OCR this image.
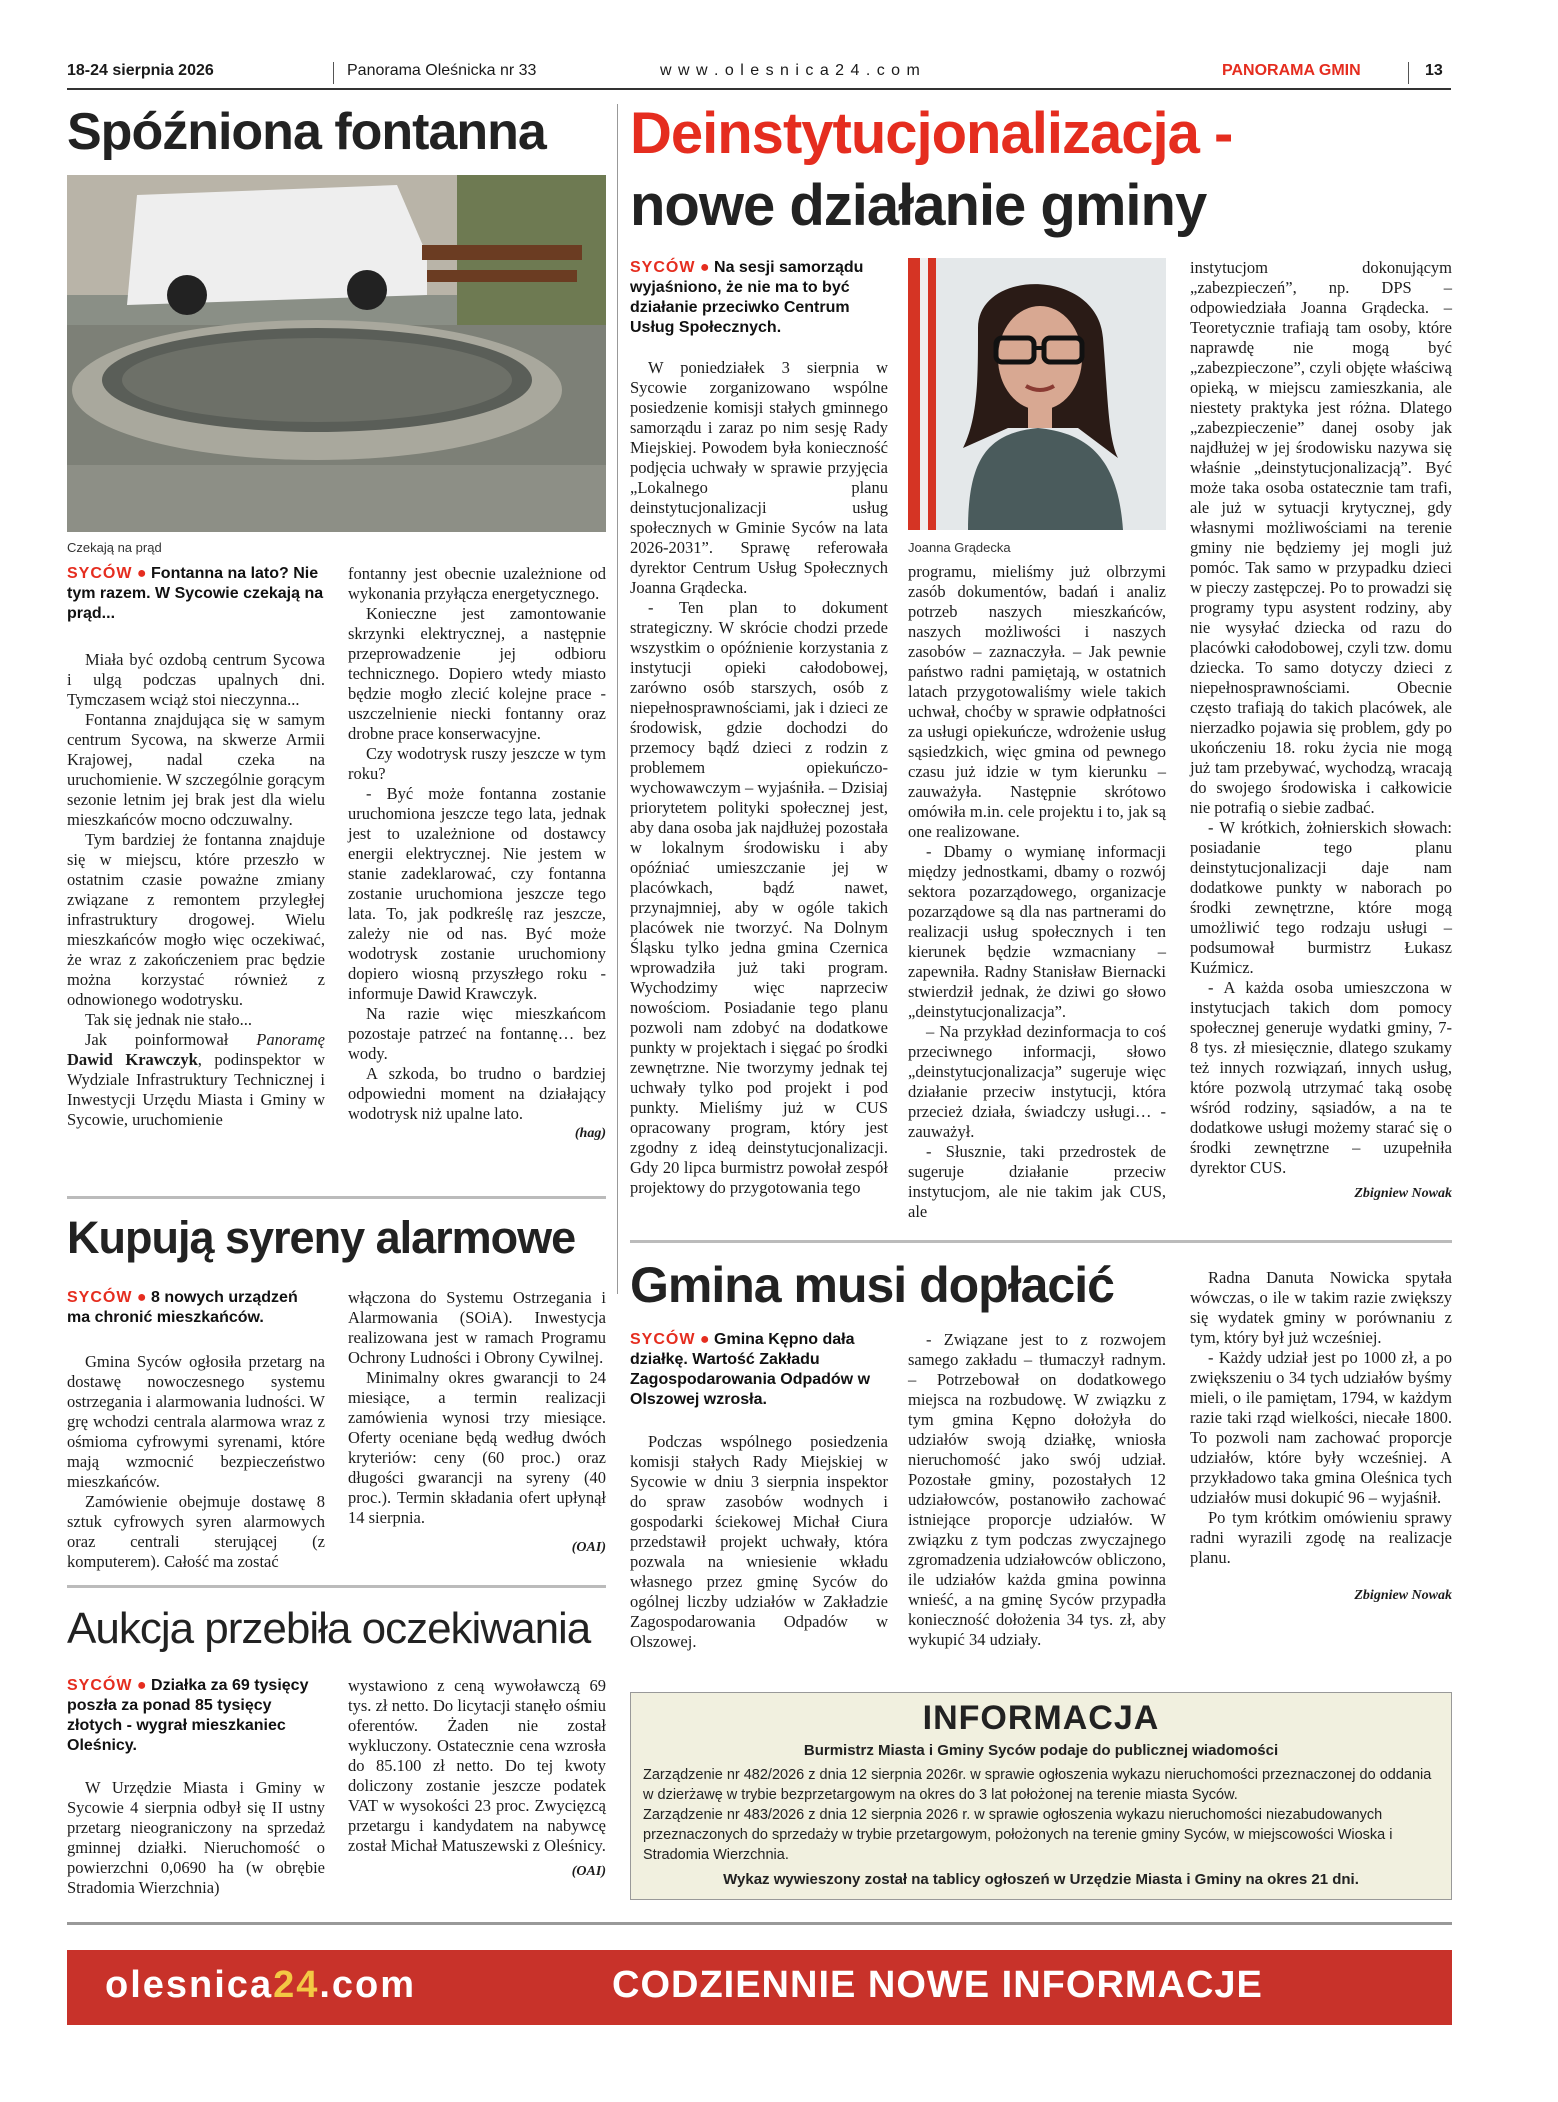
18-24 sierpnia 2026	Panorama Oleśnicka nr 33	w w w . o l e s n i c a 2 4 . c o m	PANORAMA GMIN	13
Spóźniona fontanna
Czekają na prąd
SYCÓW ● Fontanna na lato? Nie tym razem. W Sycowie czekają na prąd...

Miała być ozdobą centrum Sycowa i ulgą podczas upalnych dni. Tymczasem wciąż stoi nieczynna...

Fontanna znajdująca się w samym centrum Sycowa, na skwerze Armii Krajowej, nadal czeka na uruchomienie. W szczególnie gorącym sezonie letnim jej brak jest dla wielu mieszkańców mocno odczuwalny.

Tym bardziej że fontanna znajduje się w miejscu, które przeszło w ostatnim czasie poważne zmiany związane z remontem przyległej infrastruktury drogowej. Wielu mieszkańców mogło więc oczekiwać, że wraz z zakończeniem prac będzie można korzystać również z odnowionego wodotrysku.

Tak się jednak nie stało...

Jak poinformował Panoramę Dawid Krawczyk, podinspektor w Wydziale Infrastruktury Technicznej i Inwestycji Urzędu Miasta i Gminy w Sycowie, uruchomienie

fontanny jest obecnie uzależnione od wykonania przyłącza energetycznego.

Konieczne jest zamontowanie skrzynki elektrycznej, a następnie przeprowadzenie jej odbioru technicznego. Dopiero wtedy miasto będzie mogło zlecić kolejne prace - uszczelnienie niecki fontanny oraz drobne prace konserwacyjne.

Czy wodotrysk ruszy jeszcze w tym roku?

- Być może fontanna zostanie uruchomiona jeszcze tego lata, jednak jest to uzależnione od dostawcy energii elektrycznej. Nie jestem w stanie zadeklarować, czy fontanna zostanie uruchomiona jeszcze tego lata. To, jak podkreślę raz jeszcze, zależy nie od nas. Być może wodotrysk zostanie uruchomiony dopiero wiosną przyszłego roku - informuje Dawid Krawczyk.

Na razie więc mieszkańcom pozostaje patrzeć na fontannę… bez wody.

A szkoda, bo trudno o bardziej odpowiedni moment na działający wodotrysk niż upalne lato.

(hag)
Kupują syreny alarmowe
SYCÓW ● 8 nowych urządzeń ma chronić mieszkańców.

Gmina Syców ogłosiła przetarg na dostawę nowoczesnego systemu ostrzegania i alarmowania ludności. W grę wchodzi centrala alarmowa wraz z ośmioma cyfrowymi syrenami, które mają wzmocnić bezpieczeństwo mieszkańców.

Zamówienie obejmuje dostawę 8 sztuk cyfrowych syren alarmowych oraz centrali sterującej (z komputerem). Całość ma zostać

włączona do Systemu Ostrzegania i Alarmowania (SOiA). Inwestycja realizowana jest w ramach Programu Ochrony Ludności i Obrony Cywilnej.

Minimalny okres gwarancji to 24 miesiące, a termin realizacji zamówienia wynosi trzy miesiące. Oferty oceniane będą według dwóch kryteriów: ceny (60 proc.) oraz długości gwarancji na syreny (40 proc.). Termin składania ofert upłynął 14 sierpnia.

(OAI)
Aukcja przebiła oczekiwania
SYCÓW ● Działka za 69 tysięcy poszła za ponad 85 tysięcy złotych - wygrał mieszkaniec Oleśnicy.

W Urzędzie Miasta i Gminy w Sycowie 4 sierpnia odbył się II ustny przetarg nieograniczony na sprzedaż gminnej działki. Nieruchomość o powierzchni 0,0690 ha (w obrębie Stradomia Wierzchnia)

wystawiono z ceną wywoławczą 69 tys. zł netto. Do licytacji stanęło ośmiu oferentów. Żaden nie został wykluczony. Ostatecznie cena wzrosła do 85.100 zł netto. Do tej kwoty doliczony zostanie jeszcze podatek VAT w wysokości 23 proc. Zwycięzcą przetargu i kandydatem na nabywcę został Michał Matuszewski z Oleśnicy.

(OAI)
Deinstytucjonalizacja -
nowe działanie gminy
SYCÓW ● Na sesji samorządu wyjaśniono, że nie ma to być działanie przeciwko Centrum Usług Społecznych.
Joanna Grądecka

W poniedziałek 3 sierpnia w Sycowie zorganizowano wspólne posiedzenie komisji stałych gminnego samorządu i zaraz po nim sesję Rady Miejskiej. Powodem była konieczność podjęcia uchwały w sprawie przyjęcia „Lokalnego planu deinstytucjonalizacji usług społecznych w Gminie Syców na lata 2026-2031”. Sprawę referowała dyrektor Centrum Usług Społecznych Joanna Grądecka.

- Ten plan to dokument strategiczny. W skrócie chodzi przede wszystkim o opóźnienie korzystania z instytucji opieki całodobowej, zarówno osób starszych, osób z niepełnosprawnościami, jak i dzieci ze środowisk, gdzie dochodzi do przemocy bądź dzieci z rodzin z problemem opiekuńczo-wychowawczym – wyjaśniła. – Dzisiaj priorytetem polityki społecznej jest, aby dana osoba jak najdłużej pozostała w lokalnym środowisku i aby opóźniać umieszczanie jej w placówkach, bądź nawet, przynajmniej, aby w ogóle takich placówek nie tworzyć. Na Dolnym Śląsku tylko jedna gmina Czernica wprowadziła już taki program. Wychodzimy więc naprzeciw nowościom. Posiadanie tego planu pozwoli nam zdobyć na dodatkowe punkty w projektach i sięgać po środki zewnętrzne. Nie tworzymy jednak tej uchwały tylko pod projekt i pod punkty. Mieliśmy już w CUS opracowany program, który jest zgodny z ideą deinstytucjonalizacji. Gdy 20 lipca burmistrz powołał zespół projektowy do przygotowania tego

programu, mieliśmy już olbrzymi zasób dokumentów, badań i analiz potrzeb naszych mieszkańców, naszych możliwości i naszych zasobów – zaznaczyła. – Jak pewnie państwo radni pamiętają, w ostatnich latach przygotowaliśmy wiele takich uchwał, choćby w sprawie odpłatności za usługi opiekuńcze, wdrożenie usług sąsiedzkich, więc gmina od pewnego czasu już idzie w tym kierunku – zauważyła. Następnie skrótowo omówiła m.in. cele projektu i to, jak są one realizowane.

- Dbamy o wymianę informacji między jednostkami, dbamy o rozwój sektora pozarządowego, organizacje pozarządowe są dla nas partnerami do realizacji usług społecznych i ten kierunek będzie wzmacniany – zapewniła. Radny Stanisław Biernacki stwierdził jednak, że dziwi go słowo „deinstytucjonalizacja”.

– Na przykład dezinformacja to coś przeciwnego informacji, słowo „deinstytucjonalizacja” sugeruje więc działanie przeciw instytucji, która przecież działa, świadczy usługi… - zauważył.

- Słusznie, taki przedrostek de sugeruje działanie przeciw instytucjom, ale nie takim jak CUS, ale

instytucjom dokonującym „zabezpieczeń”, np. DPS – odpowiedziała Joanna Grądecka. – Teoretycznie trafiają tam osoby, które naprawdę nie mogą być „zabezpieczone”, czyli objęte właściwą opieką, w miejscu zamieszkania, ale niestety praktyka jest różna. Dlatego „zabezpieczenie” danej osoby jak najdłużej w jej środowisku nazywa się właśnie „deinstytucjonalizacją”. Być może taka osoba ostatecznie tam trafi, ale już w sytuacji krytycznej, gdy własnymi możliwościami na terenie gminy nie będziemy jej mogli już pomóc. Tak samo w przypadku dzieci w pieczy zastępczej. Po to prowadzi się programy typu asystent rodziny, aby nie wysyłać dziecka od razu do placówki całodobowej, czyli tzw. domu dziecka. To samo dotyczy dzieci z niepełnosprawnościami. Obecnie często trafiają do takich placówek, ale nierzadko pojawia się problem, gdy po ukończeniu 18. roku życia nie mogą już tam przebywać, wychodzą, wracają do swojego środowiska i całkowicie nie potrafią o siebie zadbać.

- W krótkich, żołnierskich słowach: posiadanie tego planu deinstytucjonalizacji daje nam dodatkowe punkty w naborach po środki zewnętrzne, które mogą umożliwić tego rodzaju usługi – podsumował burmistrz Łukasz Kuźmicz.

- A każda osoba umieszczona w instytucjach takich dom pomocy społecznej generuje wydatki gminy, 7-8 tys. zł miesięcznie, dlatego szukamy też innych rozwiązań, innych usług, które pozwolą utrzymać taką osobę wśród rodziny, sąsiadów, a na te dodatkowe usługi możemy starać się o środki zewnętrzne – uzupełniła dyrektor CUS.

Zbigniew Nowak
Gmina musi dopłacić
SYCÓW ● Gmina Kępno dała działkę. Wartość Zakładu Zagospodarowania Odpadów w Olszowej wzrosła.

Podczas wspólnego posiedzenia komisji stałych Rady Miejskiej w Sycowie w dniu 3 sierpnia inspektor do spraw zasobów wodnych i gospodarki ściekowej Michał Ciura przedstawił projekt uchwały, która pozwala na wniesienie wkładu własnego przez gminę Syców do ogólnej liczby udziałów w Zakładzie Zagospodarowania Odpadów w Olszowej.

- Związane jest to z rozwojem samego zakładu – tłumaczył radnym. – Potrzebował on dodatkowego miejsca na rozbudowę. W związku z tym gmina Kępno dołożyła do udziałów swoją działkę, wniosła nieruchomość jako swój udział. Pozostałe gminy, pozostałych 12 udziałowców, postanowiło zachować istniejące proporcje udziałów. W związku z tym podczas zwyczajnego zgromadzenia udziałowców obliczono, ile udziałów każda gmina powinna wnieść, a na gminę Syców przypadła konieczność dołożenia 34 tys. zł, aby wykupić 34 udziały.

Radna Danuta Nowicka spytała wówczas, o ile w takim razie zwiększy się wydatek gminy w porównaniu z tym, który był już wcześniej.

- Każdy udział jest po 1000 zł, a po zwiększeniu o 34 tych udziałów byśmy mieli, o ile pamiętam, 1794, w każdym razie taki rząd wielkości, niecałe 1800. To pozwoli nam zachować proporcje udziałów, które były wcześniej. A przykładowo taka gmina Oleśnica tych udziałów musi dokupić 96 – wyjaśnił.

Po tym krótkim omówieniu sprawy radni wyrazili zgodę na realizacje planu.

Zbigniew Nowak
INFORMACJA
Burmistrz Miasta i Gminy Syców podaje do publicznej wiadomości
Zarządzenie nr 482/2026 z dnia 12 sierpnia 2026r. w sprawie ogłoszenia wykazu nieruchomości przeznaczonej do oddania w dzierżawę w trybie bezprzetargowym na okres do 3 lat położonej na terenie miasta Syców.
Zarządzenie nr 483/2026 z dnia 12 sierpnia 2026 r. w sprawie ogłoszenia wykazu nieruchomości niezabudowanych przeznaczonych do sprzedaży w trybie przetargowym, położonych na terenie gminy Syców, w miejscowości Wioska i Stradomia Wierzchnia.
Wykaz wywieszony został na tablicy ogłoszeń w Urzędzie Miasta i Gminy na okres 21 dni.
olesnica24.com	CODZIENNIE NOWE INFORMACJE
